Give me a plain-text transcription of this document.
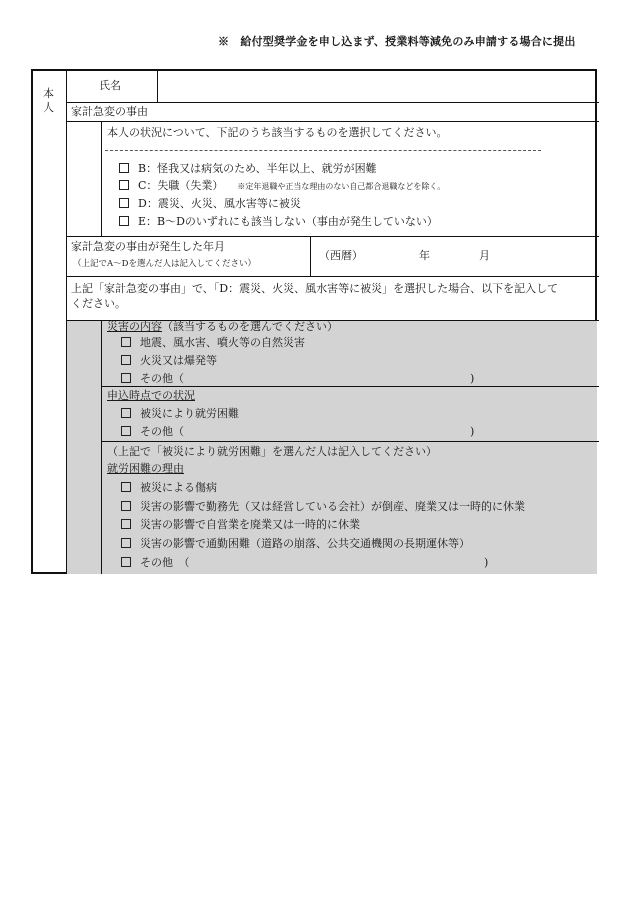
※　給付型奨学金を申し込まず、授業料等減免のみ申請する場合に提出
本人
氏名
家計急変の事由
本人の状況について、下記のうち該当するものを選択してください。
B：怪我又は病気のため、半年以上、就労が困難
C：失職（失業） ※定年退職や正当な理由のない自己都合退職などを除く。
D：震災、火災、風水害等に被災
E：B～Dのいずれにも該当しない（事由が発生していない）
家計急変の事由が発生した年月
（上記でA～Dを選んだ人は記入してください）
（西暦）	年	月
上記「家計急変の事由」で、「D：震災、火災、風水害等に被災」を選択した場合、以下を記入して
ください。
災害の内容（該当するものを選んでください）
地震、風水害、噴火等の自然災害
火災又は爆発等
その他（	)
申込時点での状況
被災により就労困難
その他（	)
（上記で「被災により就労困難」を選んだ人は記入してください）
就労困難の理由
被災による傷病
災害の影響で勤務先（又は経営している会社）が倒産、廃業又は一時的に休業
災害の影響で自営業を廃業又は一時的に休業
災害の影響で通勤困難（道路の崩落、公共交通機関の長期運休等）
その他　（	)
